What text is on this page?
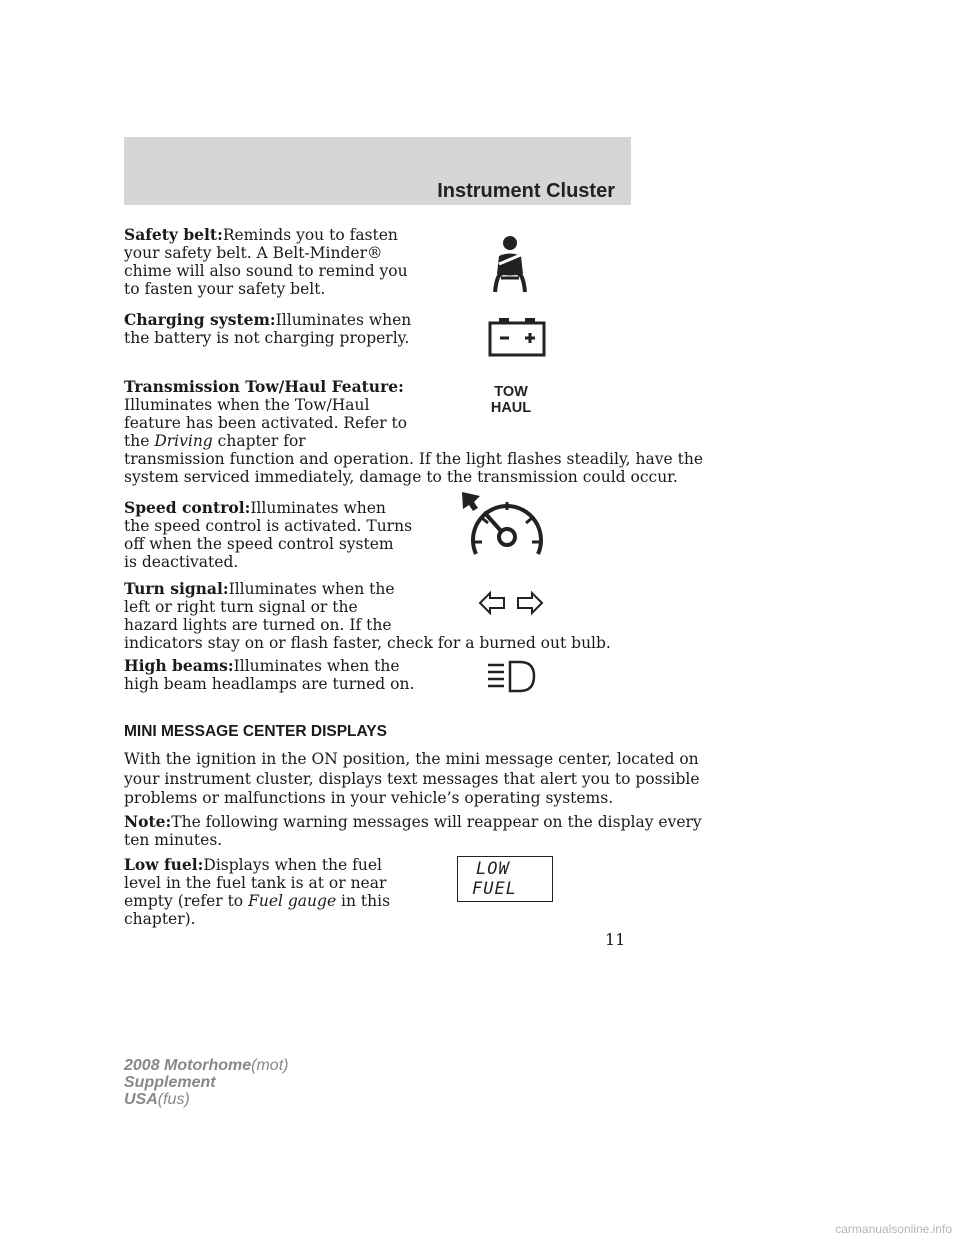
Instrument Cluster
Safety belt:Reminds you to fasten
your safety belt. A Belt-Minder®
chime will also sound to remind you
to fasten your safety belt.
Charging system:Illuminates when
the battery is not charging properly.
Transmission Tow/Haul Feature:
Illuminates when the Tow/Haul
feature has been activated. Refer to
the Driving chapter for
transmission function and operation. If the light flashes steadily, have the
system serviced immediately, damage to the transmission could occur.
TOW
HAUL
Speed control:Illuminates when
the speed control is activated. Turns
off when the speed control system
is deactivated.
Turn signal:Illuminates when the
left or right turn signal or the
hazard lights are turned on. If the
indicators stay on or flash faster, check for a burned out bulb.
High beams:Illuminates when the
high beam headlamps are turned on.
MINI MESSAGE CENTER DISPLAYS
With the ignition in the ON position, the mini message center, located on
your instrument cluster, displays text messages that alert you to possible
problems or malfunctions in your vehicle’s operating systems.
Note:The following warning messages will reappear on the display every
ten minutes.
Low fuel:Displays when the fuel
level in the fuel tank is at or near
empty (refer to Fuel gauge in this
chapter).
LOW
FUEL
11
2008 Motorhome(mot)
Supplement
USA(fus)
carmanualsonline.info
